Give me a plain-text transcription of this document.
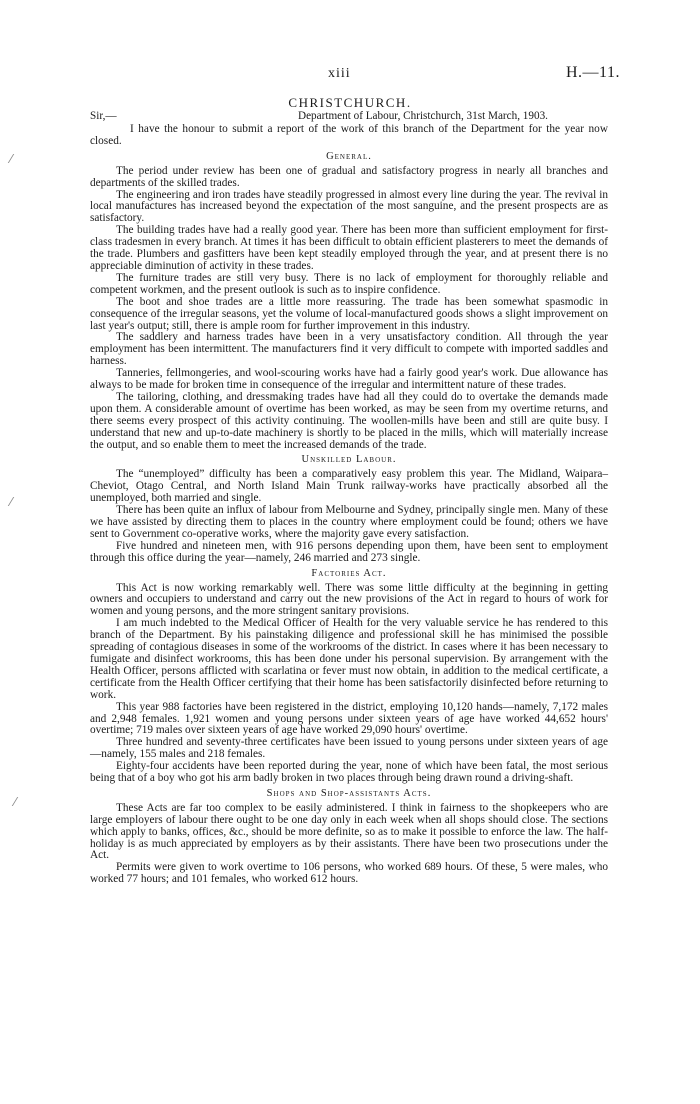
⁄
⁄
⁄
xiii	H.—11.
CHRISTCHURCH.
Sir,—	Department of Labour, Christchurch, 31st March, 1903.

I have the honour to submit a report of the work of this branch of the Department for the year now closed.

General.

The period under review has been one of gradual and satisfactory progress in nearly all branches and departments of the skilled trades.

The engineering and iron trades have steadily progressed in almost every line during the year. The revival in local manufactures has increased beyond the expectation of the most sanguine, and the present prospects are as satisfactory.

The building trades have had a really good year. There has been more than sufficient employment for first-class tradesmen in every branch. At times it has been difficult to obtain efficient plasterers to meet the demands of the trade. Plumbers and gasfitters have been kept steadily employed through the year, and at present there is no appreciable diminution of activity in these trades.

The furniture trades are still very busy. There is no lack of employment for thoroughly reliable and competent workmen, and the present outlook is such as to inspire confidence.

The boot and shoe trades are a little more reassuring. The trade has been somewhat spasmodic in consequence of the irregular seasons, yet the volume of local-manufactured goods shows a slight improvement on last year's output; still, there is ample room for further improvement in this industry.

The saddlery and harness trades have been in a very unsatisfactory condition. All through the year employment has been intermittent. The manufacturers find it very difficult to compete with imported saddles and harness.

Tanneries, fellmongeries, and wool-scouring works have had a fairly good year's work. Due allowance has always to be made for broken time in consequence of the irregular and intermittent nature of these trades.

The tailoring, clothing, and dressmaking trades have had all they could do to overtake the demands made upon them. A considerable amount of overtime has been worked, as may be seen from my overtime returns, and there seems every prospect of this activity continuing. The woollen-mills have been and still are quite busy. I understand that new and up-to-date machinery is shortly to be placed in the mills, which will materially increase the output, and so enable them to meet the increased demands of the trade.

Unskilled Labour.

The “unemployed” difficulty has been a comparatively easy problem this year. The Midland, Waipara–Cheviot, Otago Central, and North Island Main Trunk railway-works have practically absorbed all the unemployed, both married and single.

There has been quite an influx of labour from Melbourne and Sydney, principally single men. Many of these we have assisted by directing them to places in the country where employment could be found; others we have sent to Government co-operative works, where the majority gave every satisfaction.

Five hundred and nineteen men, with 916 persons depending upon them, have been sent to employment through this office during the year—namely, 246 married and 273 single.

Factories Act.

This Act is now working remarkably well. There was some little difficulty at the beginning in getting owners and occupiers to understand and carry out the new provisions of the Act in regard to hours of work for women and young persons, and the more stringent sanitary provisions.

I am much indebted to the Medical Officer of Health for the very valuable service he has rendered to this branch of the Department. By his painstaking diligence and professional skill he has minimised the possible spreading of contagious diseases in some of the workrooms of the district. In cases where it has been necessary to fumigate and disinfect workrooms, this has been done under his personal supervision. By arrangement with the Health Officer, persons afflicted with scarlatina or fever must now obtain, in addition to the medical certificate, a certificate from the Health Officer certifying that their home has been satisfactorily disinfected before returning to work.

This year 988 factories have been registered in the district, employing 10,120 hands—namely, 7,172 males and 2,948 females. 1,921 women and young persons under sixteen years of age have worked 44,652 hours' overtime; 719 males over sixteen years of age have worked 29,090 hours' overtime.

Three hundred and seventy-three certificates have been issued to young persons under sixteen years of age—namely, 155 males and 218 females.

Eighty-four accidents have been reported during the year, none of which have been fatal, the most serious being that of a boy who got his arm badly broken in two places through being drawn round a driving-shaft.

Shops and Shop-assistants Acts.

These Acts are far too complex to be easily administered. I think in fairness to the shopkeepers who are large employers of labour there ought to be one day only in each week when all shops should close. The sections which apply to banks, offices, &c., should be more definite, so as to make it possible to enforce the law. The half-holiday is as much appreciated by employers as by their assistants. There have been two prosecutions under the Act.

Permits were given to work overtime to 106 persons, who worked 689 hours. Of these, 5 were males, who worked 77 hours; and 101 females, who worked 612 hours.
